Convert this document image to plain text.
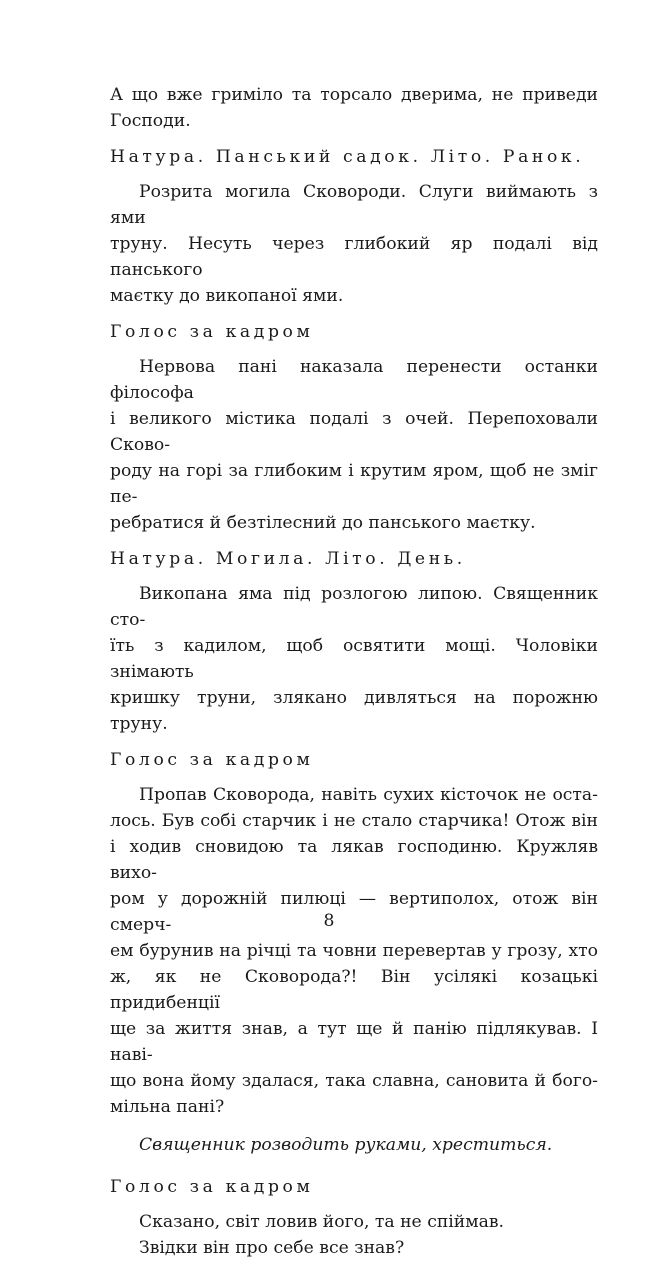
А що вже гриміло та торсало дверима, не приведи
Господи.

Натура. Панський садок. Літо. Ранок.

Розрита могила Сковороди. Слуги виймають з ями
труну. Несуть через глибокий яр подалі від панського
маєтку до викопаної ями.

Голос за кадром

Нервова пані наказала перенести останки філософа
і великого містика подалі з очей. Перепоховали Сково-
роду на горі за глибоким і крутим яром, щоб не зміг пе-
ребратися й безтілесний до панського маєтку.

Натура. Могила. Літо. День.

Викопана яма під розлогою липою. Священник сто-
їть з кадилом, щоб освятити мощі. Чоловіки знімають
кришку труни, злякано дивляться на порожню труну.

Голос за кадром

Пропав Сковорода, навіть сухих кісточок не оста-
лось. Був собі старчик і не стало старчика! Отож він
і ходив сновидою та лякав господиню. Кружляв вихо-
ром у дорожній пилюці — вертиполох, отож він смерч-
ем бурунив на річці та човни перевертав у грозу, хто
ж, як не Сковорода?! Він усілякі козацькі придибенції
ще за життя знав, а тут ще й панію підлякував. І наві-
що вона йому здалася, така славна, сановита й бого-
мільна пані?

Священник розводить руками, хреститься.

Голос за кадром

Сказано, світ ловив його, та не спіймав.
Звідки він про себе все знав?

8
